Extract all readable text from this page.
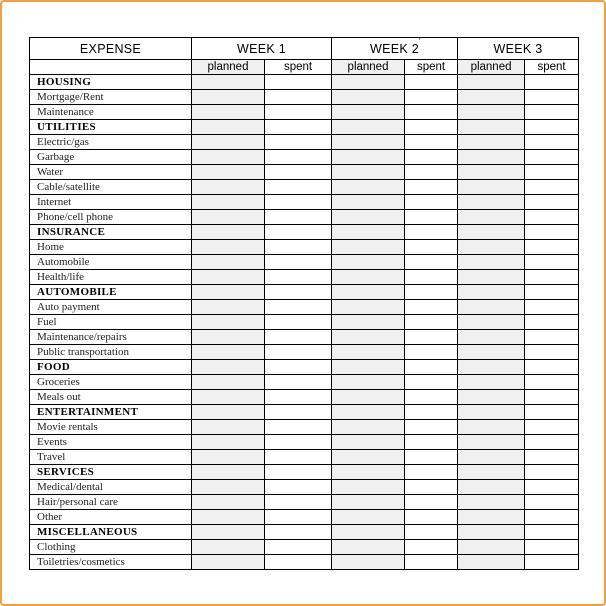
'
EXPENSE	WEEK 1		WEEK 2		WEEK 3	
	planned	spent	planned	spent	planned	spent
HOUSING						
Mortgage/Rent						
Maintenance						
UTILITIES						
Electric/gas						
Garbage						
Water						
Cable/satellite						
Internet						
Phone/cell phone						
INSURANCE						
Home						
Automobile						
Health/life						
AUTOMOBILE						
Auto payment						
Fuel						
Maintenance/repairs						
Public transportation						
FOOD						
Groceries						
Meals out						
ENTERTAINMENT						
Movie rentals						
Events						
Travel						
SERVICES						
Medical/dental						
Hair/personal care						
Other						
MISCELLANEOUS						
Clothing						
Toiletries/cosmetics						
